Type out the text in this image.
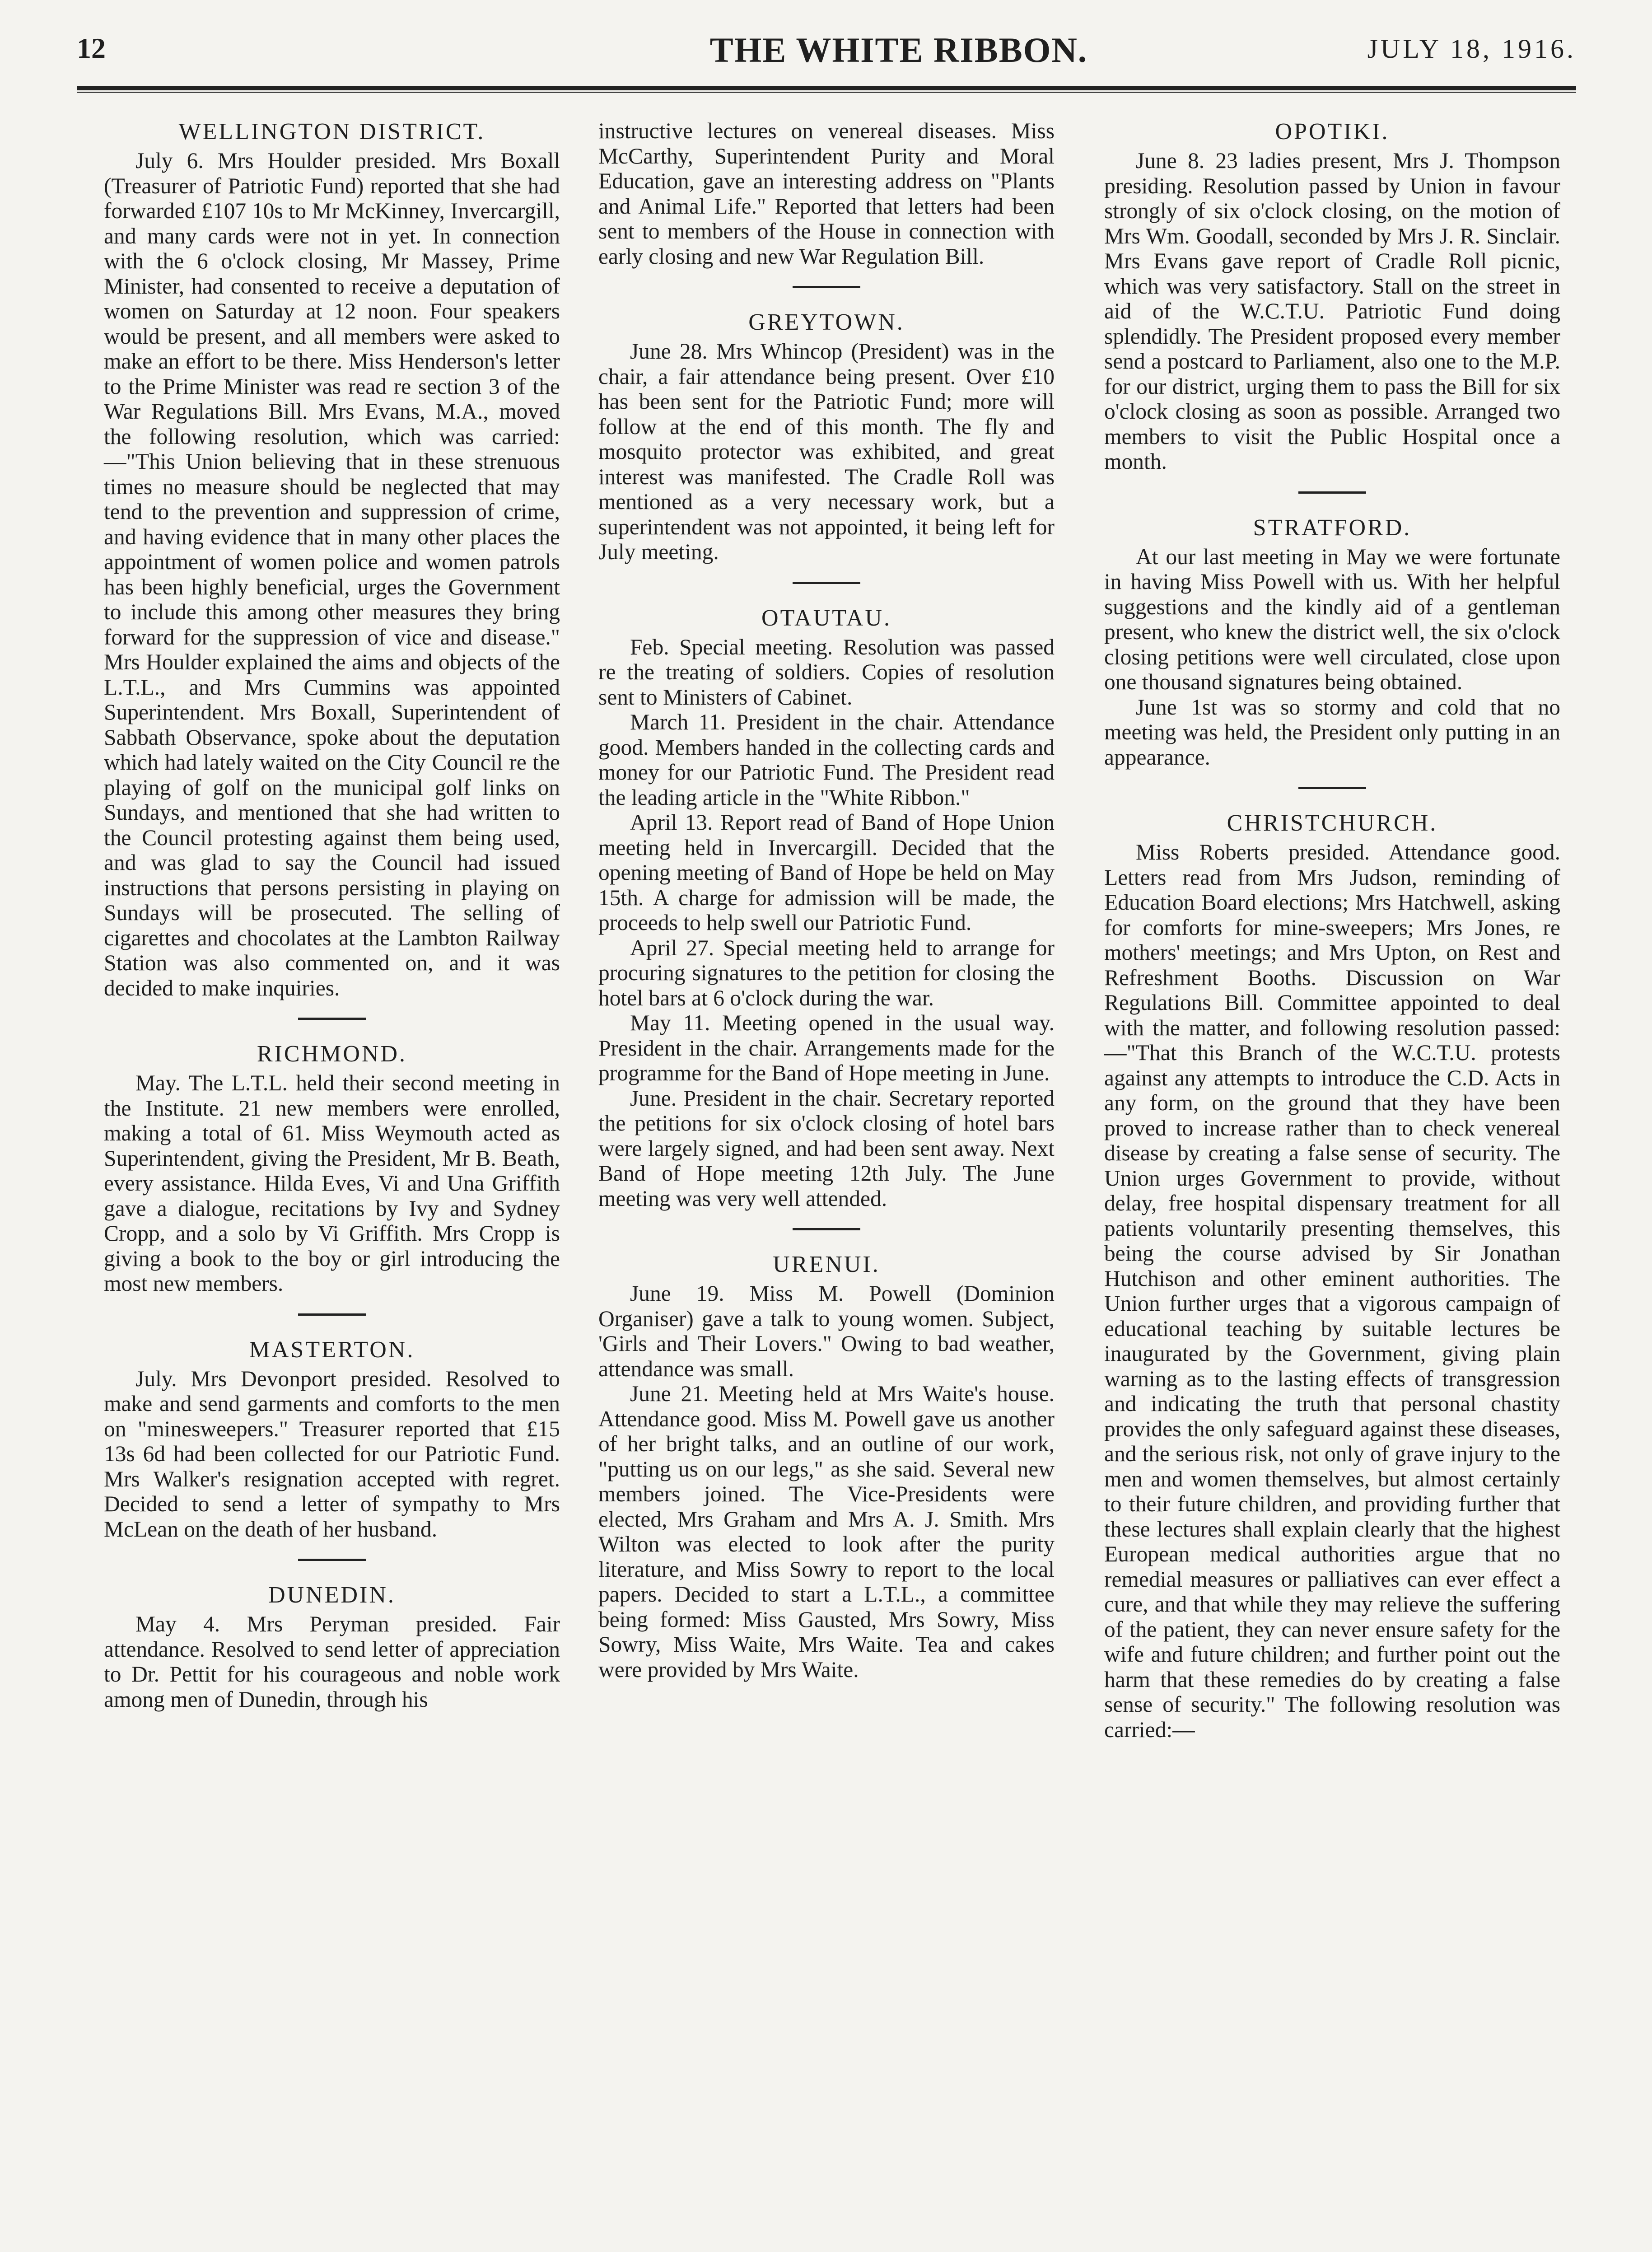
12	THE WHITE RIBBON.	JULY 18, 1916.
WELLINGTON DISTRICT.

July 6. Mrs Houlder presided. Mrs Boxall (Treasurer of Patriotic Fund) reported that she had forwarded £107 10s to Mr McKinney, Invercargill, and many cards were not in yet. In connection with the 6 o'clock closing, Mr Massey, Prime Minister, had consented to receive a deputation of women on Saturday at 12 noon. Four speakers would be present, and all members were asked to make an effort to be there. Miss Henderson's letter to the Prime Minister was read re section 3 of the War Regulations Bill. Mrs Evans, M.A., moved the following resolution, which was carried:—"This Union believing that in these strenuous times no measure should be neglected that may tend to the prevention and suppression of crime, and having evidence that in many other places the appointment of women police and women patrols has been highly beneficial, urges the Government to include this among other measures they bring forward for the suppression of vice and disease." Mrs Houlder explained the aims and objects of the L.T.L., and Mrs Cummins was appointed Superintendent. Mrs Boxall, Superintendent of Sabbath Observance, spoke about the deputation which had lately waited on the City Council re the playing of golf on the municipal golf links on Sundays, and mentioned that she had written to the Council protesting against them being used, and was glad to say the Council had issued instructions that persons persisting in playing on Sundays will be prosecuted. The selling of cigarettes and chocolates at the Lambton Railway Station was also commented on, and it was decided to make inquiries.

RICHMOND.

May. The L.T.L. held their second meeting in the Institute. 21 new members were enrolled, making a total of 61. Miss Weymouth acted as Superintendent, giving the President, Mr B. Beath, every assistance. Hilda Eves, Vi and Una Griffith gave a dialogue, recitations by Ivy and Sydney Cropp, and a solo by Vi Griffith. Mrs Cropp is giving a book to the boy or girl introducing the most new members.

MASTERTON.

July. Mrs Devonport presided. Resolved to make and send garments and comforts to the men on "minesweepers." Treasurer reported that £15 13s 6d had been collected for our Patriotic Fund. Mrs Walker's resignation accepted with regret. Decided to send a letter of sympathy to Mrs McLean on the death of her husband.

DUNEDIN.

May 4. Mrs Peryman presided. Fair attendance. Resolved to send letter of appreciation to Dr. Pettit for his courageous and noble work among men of Dunedin, through his

instructive lectures on venereal diseases. Miss McCarthy, Superintendent Purity and Moral Education, gave an interesting address on "Plants and Animal Life." Reported that letters had been sent to members of the House in connection with early closing and new War Regulation Bill.

GREYTOWN.

June 28. Mrs Whincop (President) was in the chair, a fair attendance being present. Over £10 has been sent for the Patriotic Fund; more will follow at the end of this month. The fly and mosquito protector was exhibited, and great interest was manifested. The Cradle Roll was mentioned as a very necessary work, but a superintendent was not appointed, it being left for July meeting.

OTAUTAU.

Feb. Special meeting. Resolution was passed re the treating of soldiers. Copies of resolution sent to Ministers of Cabinet.

March 11. President in the chair. Attendance good. Members handed in the collecting cards and money for our Patriotic Fund. The President read the leading article in the "White Ribbon."

April 13. Report read of Band of Hope Union meeting held in Invercargill. Decided that the opening meeting of Band of Hope be held on May 15th. A charge for admission will be made, the proceeds to help swell our Patriotic Fund.

April 27. Special meeting held to arrange for procuring signatures to the petition for closing the hotel bars at 6 o'clock during the war.

May 11. Meeting opened in the usual way. President in the chair. Arrangements made for the programme for the Band of Hope meeting in June.

June. President in the chair. Secretary reported the petitions for six o'clock closing of hotel bars were largely signed, and had been sent away. Next Band of Hope meeting 12th July. The June meeting was very well attended.

URENUI.

June 19. Miss M. Powell (Dominion Organiser) gave a talk to young women. Subject, 'Girls and Their Lovers." Owing to bad weather, attendance was small.

June 21. Meeting held at Mrs Waite's house. Attendance good. Miss M. Powell gave us another of her bright talks, and an outline of our work, "putting us on our legs," as she said. Several new members joined. The Vice-Presidents were elected, Mrs Graham and Mrs A. J. Smith. Mrs Wilton was elected to look after the purity literature, and Miss Sowry to report to the local papers. Decided to start a L.T.L., a committee being formed: Miss Gausted, Mrs Sowry, Miss Sowry, Miss Waite, Mrs Waite. Tea and cakes were provided by Mrs Waite.

OPOTIKI.

June 8. 23 ladies present, Mrs J. Thompson presiding. Resolution passed by Union in favour strongly of six o'clock closing, on the motion of Mrs Wm. Goodall, seconded by Mrs J. R. Sinclair. Mrs Evans gave report of Cradle Roll picnic, which was very satisfactory. Stall on the street in aid of the W.C.T.U. Patriotic Fund doing splendidly. The President proposed every member send a postcard to Parliament, also one to the M.P. for our district, urging them to pass the Bill for six o'clock closing as soon as possible. Arranged two members to visit the Public Hospital once a month.

STRATFORD.

At our last meeting in May we were fortunate in having Miss Powell with us. With her helpful suggestions and the kindly aid of a gentleman present, who knew the district well, the six o'clock closing petitions were well circulated, close upon one thousand signatures being obtained.

June 1st was so stormy and cold that no meeting was held, the President only putting in an appearance.

CHRISTCHURCH.

Miss Roberts presided. Attendance good. Letters read from Mrs Judson, reminding of Education Board elections; Mrs Hatchwell, asking for comforts for mine-sweepers; Mrs Jones, re mothers' meetings; and Mrs Upton, on Rest and Refreshment Booths. Discussion on War Regulations Bill. Committee appointed to deal with the matter, and following resolution passed:—"That this Branch of the W.C.T.U. protests against any attempts to introduce the C.D. Acts in any form, on the ground that they have been proved to increase rather than to check venereal disease by creating a false sense of security. The Union urges Government to provide, without delay, free hospital dispensary treatment for all patients voluntarily presenting themselves, this being the course advised by Sir Jonathan Hutchison and other eminent authorities. The Union further urges that a vigorous campaign of educational teaching by suitable lectures be inaugurated by the Government, giving plain warning as to the lasting effects of transgression and indicating the truth that personal chastity provides the only safeguard against these diseases, and the serious risk, not only of grave injury to the men and women themselves, but almost certainly to their future children, and providing further that these lectures shall explain clearly that the highest European medical authorities argue that no remedial measures or palliatives can ever effect a cure, and that while they may relieve the suffering of the patient, they can never ensure safety for the wife and future children; and further point out the harm that these remedies do by creating a false sense of security." The following resolution was carried:—
